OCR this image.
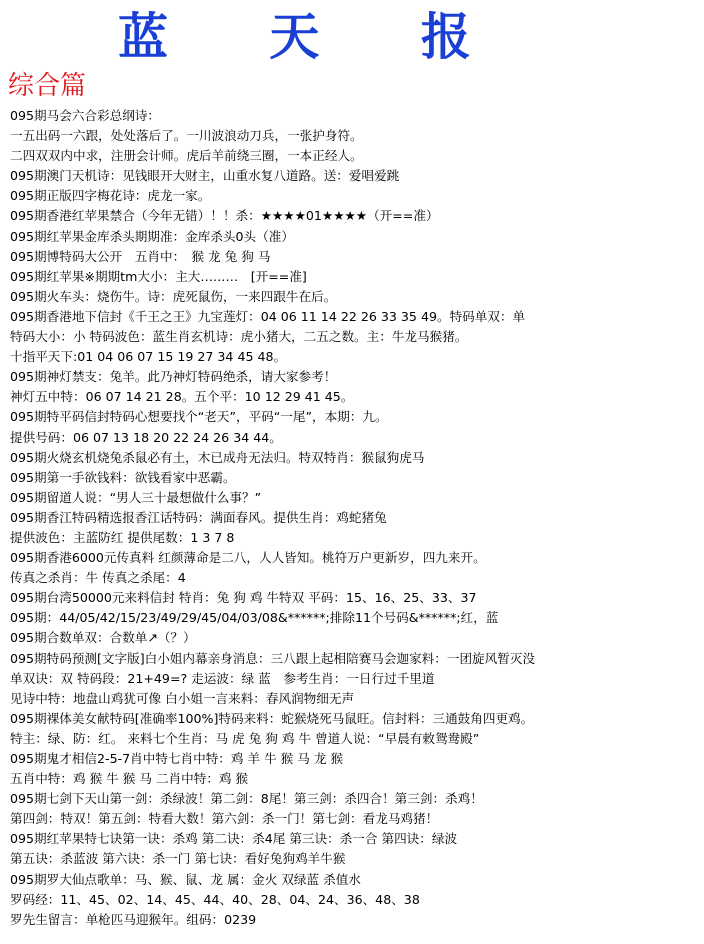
蓝 天 报
综合篇
095期马会六合彩总纲诗：
一五出码一六跟，处处落后了。一川波浪动刀兵，一张护身符。
二四双双内中求，注册会计师。虎后羊前绕三圈，一本正经人。
095期澳门天机诗：见钱眼开大财主，山重水复八道路。送：爱唱爱跳
095期正版四字梅花诗：虎龙一家。
095期香港红苹果禁合（今年无错）！！杀：★★★★01★★★★（开==准）
095期红苹果金库杀头期期准：金库杀头0头（准）
095期博特码大公开　五肖中：　猴 龙 兔 狗 马
095期红苹果※期期tm大小：主大………　[开==准]
095期火车头：烧伤牛。诗：虎死鼠伤，一来四跟牛在后。
095期香港地下信封《千王之王》九宝莲灯：04 06 11 14 22 26 33 35 49。特码单双：单
特码大小：小 特码波色：蓝生肖玄机诗：虎小猪大，二五之数。主：牛龙马猴猪。
十指平天下:01 04 06 07 15 19 27 34 45 48。
095期神灯禁支：兔羊。此乃神灯特码绝杀，请大家参考！
神灯五中特：06 07 14 21 28。五个平：10 12 29 41 45。
095期特平码信封特码心想要找个“老天”，平码“一尾”，本期：九。
提供号码：06 07 13 18 20 22 24 26 34 44。
095期火烧玄机烧兔杀鼠必有土，木已成舟无法归。特双特肖：猴鼠狗虎马
095期第一手欲钱料：欲钱看家中恶霸。
095期留道人说：“男人三十最想做什么事？”
095期香江特码精选报香江话特码：满面春风。提供生肖：鸡蛇猪兔
提供波色：主蓝防红 提供尾数：1 3 7 8
095期香港6000元传真料 红颜薄命是二八，人人皆知。桃符万户更新岁，四九来开。
传真之杀肖：牛 传真之杀尾：4
095期台湾50000元来料信封 特肖：兔 狗 鸡 牛特双 平码：15、16、25、33、37
095期：44/05/42/15/23/49/29/45/04/03/08&******;排除11个号码&******;红，蓝
095期合数单双：合数单↗（？）
095期特码预测[文字版]白小姐内幕亲身消息：三八跟上起相陪赛马会迦家料：一团旋风暂灭没
单双诀：双 特码段：21+49=? 走运波：绿 蓝　参考生肖：一日行过千里道
见诗中特：地盘山鸡犹可像 白小姐一言来料：春风润物细无声
095期裸体美女献特码[准确率100%]特码来料：蛇猴烧死马鼠旺。信封料：三通鼓角四更鸡。
特主：绿、防：红。 来料七个生肖：马 虎 兔 狗 鸡 牛 曾道人说：“早晨有敕鸳鸯殿”
095期鬼才相信2-5-7肖中特七肖中特：鸡 羊 牛 猴 马 龙 猴
五肖中特：鸡 猴 牛 猴 马 二肖中特：鸡 猴
095期七剑下天山第一剑：杀绿波！第二剑：8尾！第三剑：杀四合！第三剑：杀鸡！
第四剑：特双！第五剑：特看大数！第六剑：杀一门！第七剑：看龙马鸡猪！
095期红苹果特七诀第一诀：杀鸡 第二诀：杀4尾 第三诀：杀一合 第四诀：绿波
第五诀：杀蓝波 第六诀：杀一门 第七诀：看好兔狗鸡羊牛猴
095期罗大仙点歌单：马、猴、鼠、龙 属：金火 双绿蓝 杀值水
罗码经：11、45、02、14、45、44、40、28、04、24、36、48、38
罗先生留言：单枪匹马迎猴年。组码：0239
